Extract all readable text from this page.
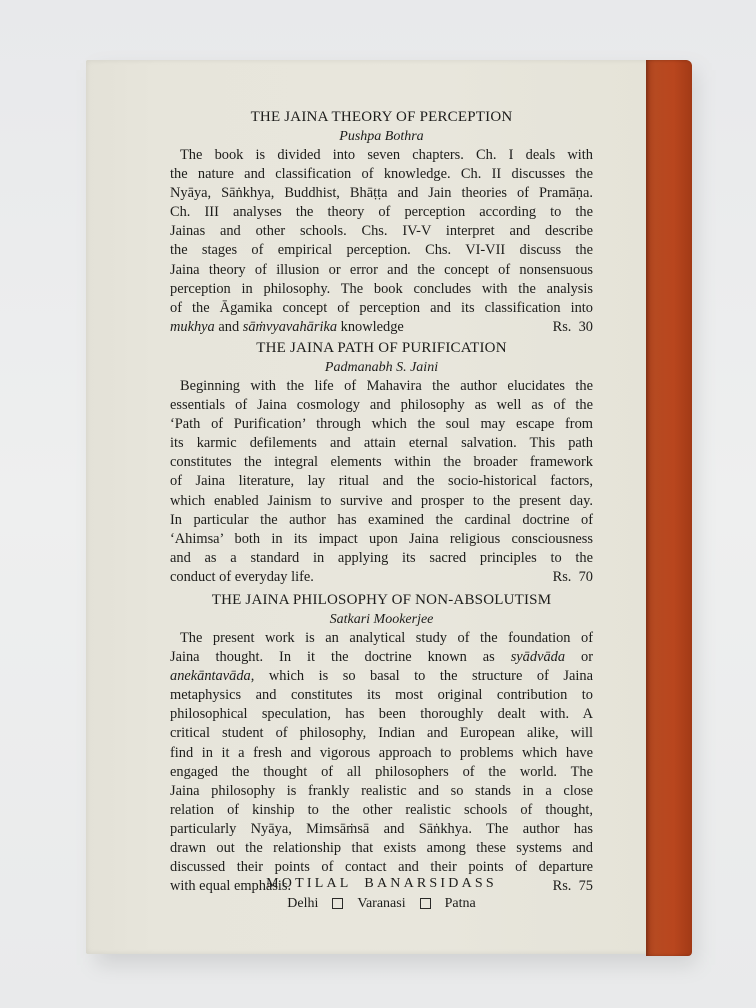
THE JAINA THEORY OF PERCEPTION
Pushpa Bothra
The book is divided into seven chapters. Ch. I deals with
the nature and classification of knowledge. Ch. II discusses the
Nyāya, Sāṅkhya, Buddhist, Bhāṭṭa and Jain theories of Pramāṇa.
Ch. III analyses the theory of perception according to the
Jainas and other schools. Chs. IV-V interpret and describe
the stages of empirical perception. Chs. VI-VII discuss the
Jaina theory of illusion or error and the concept of nonsensuous
perception in philosophy. The book concludes with the analysis
of the Āgamika concept of perception and its classification into
mukhya and sāṁvyavahārika knowledge	Rs.  30
THE JAINA PATH OF PURIFICATION
Padmanabh S. Jaini
Beginning with the life of Mahavira the author elucidates the
essentials of Jaina cosmology and philosophy as well as of the
‘Path of Purification’ through which the soul may escape from
its karmic defilements and attain eternal salvation. This path
constitutes the integral elements within the broader framework
of Jaina literature, lay ritual and the socio-historical factors,
which enabled Jainism to survive and prosper to the present day.
In particular the author has examined the cardinal doctrine of
‘Ahimsa’ both in its impact upon Jaina religious consciousness
and as a standard in applying its sacred principles to the
conduct of everyday life.	Rs.  70
THE JAINA PHILOSOPHY OF NON-ABSOLUTISM
Satkari Mookerjee
The present work is an analytical study of the foundation of
Jaina  thought.  In  it  the  doctrine  known  as  syādvāda  or
anekāntavāda,  which  is  so  basal  to  the  structure  of  Jaina
metaphysics and constitutes its most original contribution to
philosophical speculation, has been thoroughly dealt with. A
critical student of philosophy, Indian and European alike, will
find in it a fresh and vigorous approach to problems which have
engaged the thought of all philosophers of the world. The
Jaina philosophy is frankly realistic and so stands in a close
relation of kinship to the other realistic schools of thought,
particularly Nyāya, Mimsāṁsā and Sāṅkhya. The author has
drawn out the relationship that exists among these systems and
discussed their points of contact and their points of departure
with equal emphasis.	Rs.  75
MOTILAL  BANARSIDASS
Delhi	Varanasi	Patna
